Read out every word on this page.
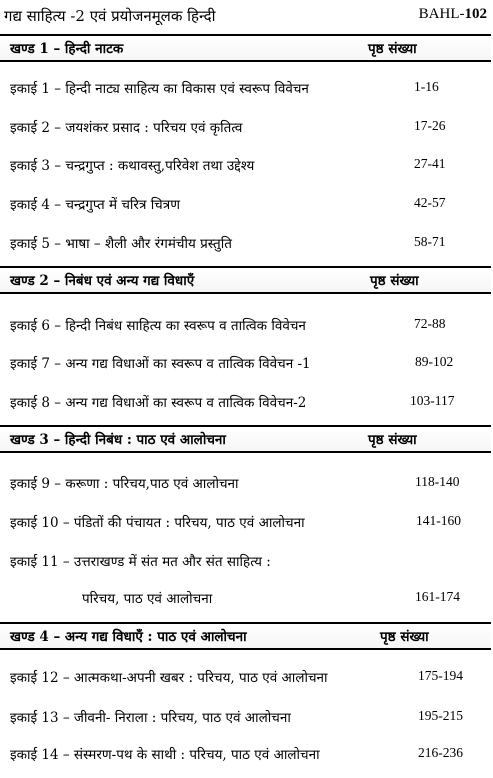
गद्य साहित्य -2 एवं प्रयोजनमूलक हिन्दी	BAHL-102
खण्ड 1 – हिन्दी नाटक	पृष्ठ संख्या
इकाई 1 – हिन्दी नाट्य साहित्य का विकास एवं स्वरूप विवेचन	1-16
इकाई 2 – जयशंकर प्रसाद : परिचय एवं कृतित्व	17-26
इकाई 3 – चन्द्रगुप्त : कथावस्तु,परिवेश तथा उद्देश्य	27-41
इकाई 4 – चन्द्रगुप्त में चरित्र चित्रण	42-57
इकाई 5 – भाषा – शैली और रंगमंचीय प्रस्तुति	58-71
खण्ड 2 – निबंध एवं अन्य गद्य विधाएँ	पृष्ठ संख्या
इकाई 6 – हिन्दी निबंध साहित्य का स्वरूप व तात्विक विवेचन	72-88
इकाई 7 – अन्य गद्य विधाओं का स्वरूप व तात्विक विवेचन -1	89-102
इकाई 8 – अन्य गद्य विधाओं का स्वरूप व तात्विक विवेचन-2	103-117
खण्ड 3 – हिन्दी निबंध : पाठ एवं आलोचना	पृष्ठ संख्या
इकाई 9 – करूणा : परिचय,पाठ एवं आलोचना	118-140
इकाई 10 – पंडितों की पंचायत : परिचय, पाठ एवं आलोचना	141-160
इकाई 11 – उत्तराखण्ड में संत मत और संत साहित्य :
परिचय, पाठ एवं आलोचना	161-174
खण्ड 4 – अन्य गद्य विधाएँ : पाठ एवं आलोचना	पृष्ठ संख्या
इकाई 12 – आत्मकथा-अपनी खबर : परिचय, पाठ एवं आलोचना	175-194
इकाई 13 – जीवनी- निराला : परिचय, पाठ एवं आलोचना	195-215
इकाई 14 – संस्मरण-पथ के साथी : परिचय, पाठ एवं आलोचना	216-236
